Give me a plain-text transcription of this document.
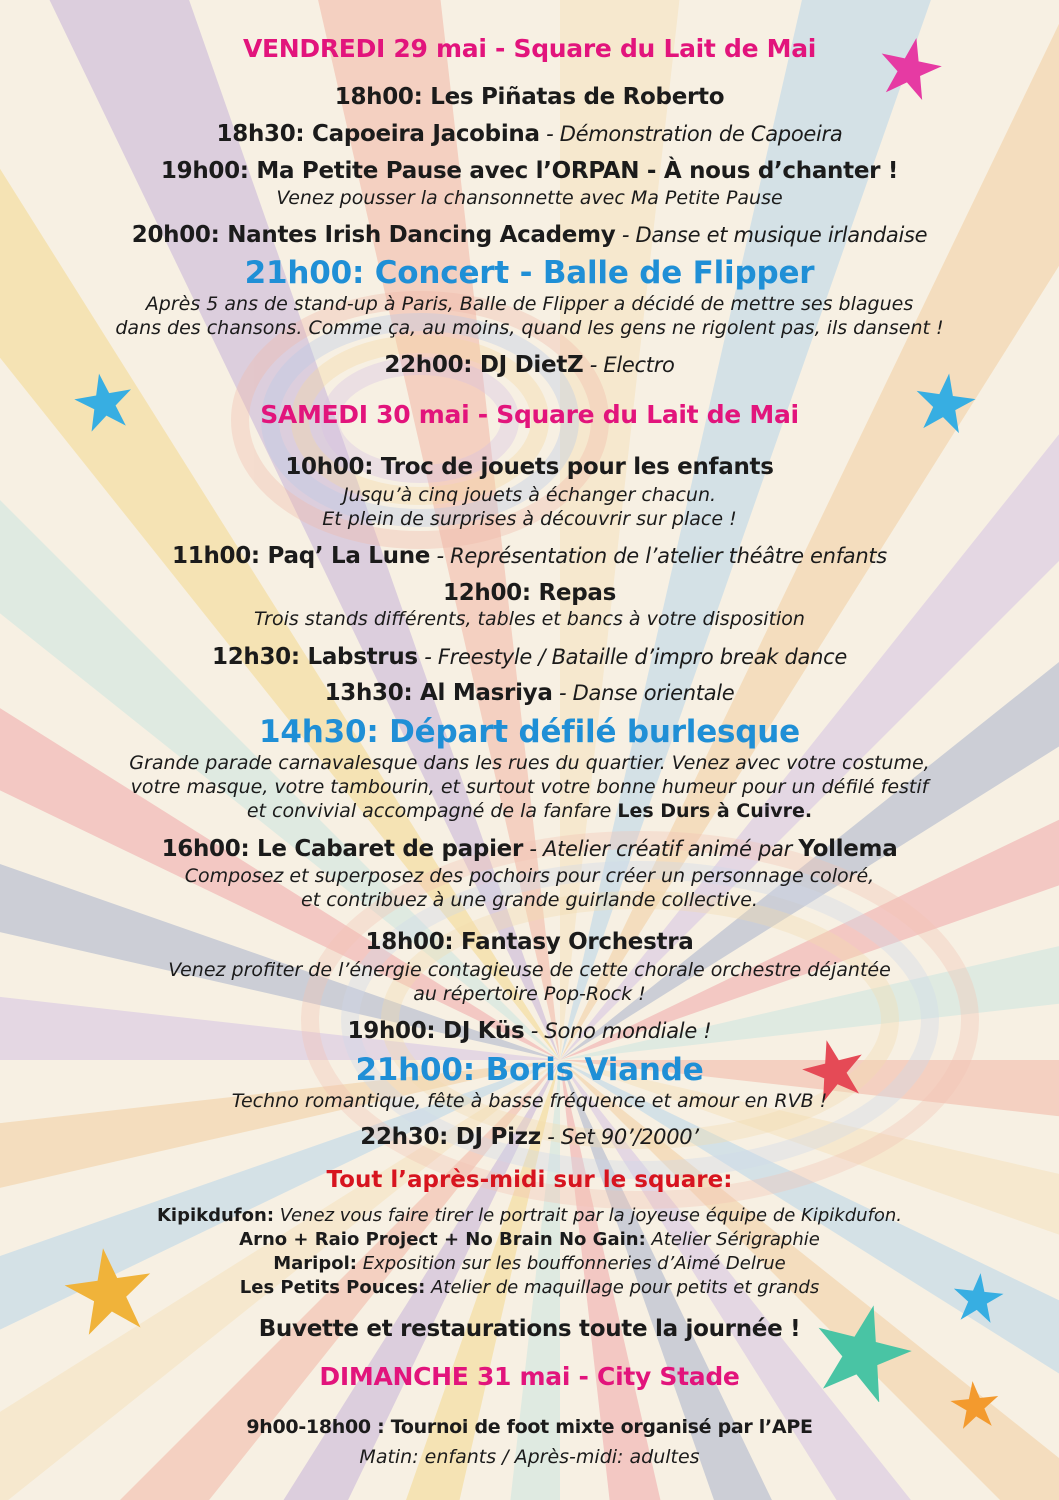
VENDREDI 29 mai - Square du Lait de Mai
18h00: Les Piñatas de Roberto
18h30: Capoeira Jacobina - Démonstration de Capoeira
19h00: Ma Petite Pause avec l’ORPAN - À nous d’chanter !
Venez pousser la chansonnette avec Ma Petite Pause
20h00: Nantes Irish Dancing Academy - Danse et musique irlandaise
21h00: Concert - Balle de Flipper
Après 5 ans de stand-up à Paris, Balle de Flipper a décidé de mettre ses blagues
dans des chansons. Comme ça, au moins, quand les gens ne rigolent pas, ils dansent !
22h00: DJ DietZ - Electro
SAMEDI 30 mai - Square du Lait de Mai
10h00: Troc de jouets pour les enfants
Jusqu’à cinq jouets à échanger chacun.
Et plein de surprises à découvrir sur place !
11h00: Paq’ La Lune - Représentation de l’atelier théâtre enfants
12h00: Repas
Trois stands différents, tables et bancs à votre disposition
12h30: Labstrus - Freestyle / Bataille d’impro break dance
13h30: Al Masriya - Danse orientale
14h30: Départ défilé burlesque
Grande parade carnavalesque dans les rues du quartier. Venez avec votre costume,
votre masque, votre tambourin, et surtout votre bonne humeur pour un défilé festif
et convivial accompagné de la fanfare Les Durs à Cuivre.
16h00: Le Cabaret de papier - Atelier créatif animé par Yollema
Composez et superposez des pochoirs pour créer un personnage coloré,
et contribuez à une grande guirlande collective.
18h00: Fantasy Orchestra
Venez profiter de l’énergie contagieuse de cette chorale orchestre déjantée
au répertoire Pop-Rock !
19h00: DJ Küs - Sono mondiale !
21h00: Boris Viande
Techno romantique, fête à basse fréquence et amour en RVB !
22h30: DJ Pizz - Set 90’/2000’
Tout l’après-midi sur le square:
Kipikdufon: Venez vous faire tirer le portrait par la joyeuse équipe de Kipikdufon.
Arno + Raio Project + No Brain No Gain: Atelier Sérigraphie
Maripol: Exposition sur les bouffonneries d’Aimé Delrue
Les Petits Pouces: Atelier de maquillage pour petits et grands
Buvette et restaurations toute la journée !
DIMANCHE 31 mai - City Stade
9h00-18h00 : Tournoi de foot mixte organisé par l’APE
Matin: enfants / Après-midi: adultes
